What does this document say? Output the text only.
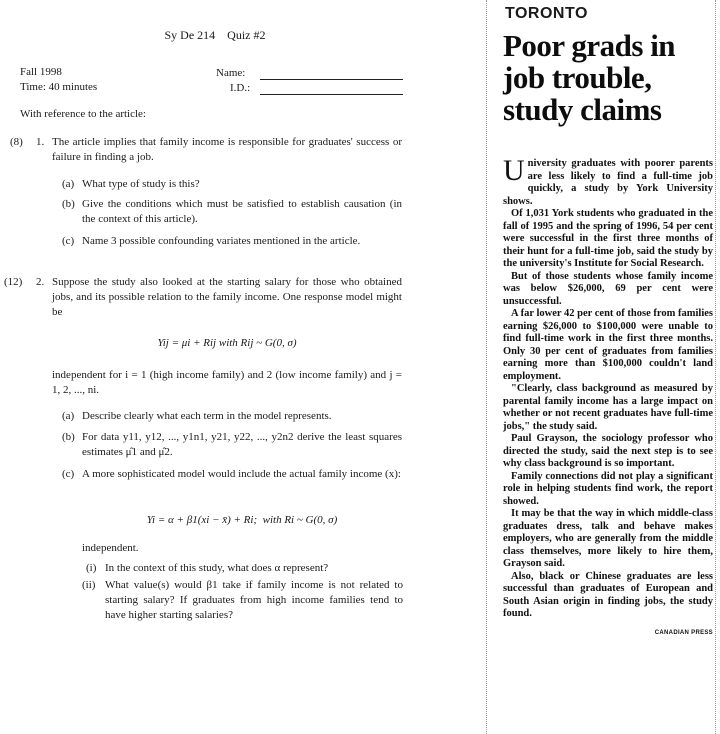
Sy De 214    Quiz #2
Fall 1998
Time: 40 minutes
Name:
I.D.:
With reference to the article:
(8) 1. The article implies that family income is responsible for graduates' success or failure in finding a job.
(a) What type of study is this?
(b) Give the conditions which must be satisfied to establish causation (in the context of this article).
(c) Name 3 possible confounding variates mentioned in the article.
(12) 2. Suppose the study also looked at the starting salary for those who obtained jobs, and its possible relation to the family income. One response model might be
Yij = μi + Rij with Rij ~ G(0, σ)
independent for i = 1 (high income family) and 2 (low income family) and j = 1, 2, ..., ni.
(a) Describe clearly what each term in the model represents.
(b) For data y11, y12, ..., y1n1, y21, y22, ..., y2n2 derive the least squares estimates μ̂1 and μ̂2.
(c) A more sophisticated model would include the actual family income (x):
Yi = α + β1(xi − x̄) + Ri;  with Ri ~ G(0, σ)
independent.
(i) In the context of this study, what does α represent?
(ii) What value(s) would β1 take if family income is not related to starting salary? If graduates from high income families tend to have higher starting salaries?
TORONTO
Poor grads in job trouble, study claims

University graduates with poorer parents are less likely to find a full-time job quickly, a study by York University shows.

Of 1,031 York students who graduated in the fall of 1995 and the spring of 1996, 54 per cent were successful in the first three months of their hunt for a full-time job, said the study by the university's Institute for Social Research.

But of those students whose family income was below $26,000, 69 per cent were unsuccessful.

A far lower 42 per cent of those from families earning $26,000 to $100,000 were unable to find full-time work in the first three months. Only 30 per cent of graduates from families earning more than $100,000 couldn't land employment.

"Clearly, class background as measured by parental family income has a large impact on whether or not recent graduates have full-time jobs," the study said.

Paul Grayson, the sociology professor who directed the study, said the next step is to see why class background is so important.

Family connections did not play a significant role in helping students find work, the report showed.

It may be that the way in which middle-class graduates dress, talk and behave makes employers, who are generally from the middle class themselves, more likely to hire them, Grayson said.

Also, black or Chinese graduates are less successful than graduates of European and South Asian origin in finding jobs, the study found.

CANADIAN PRESS
